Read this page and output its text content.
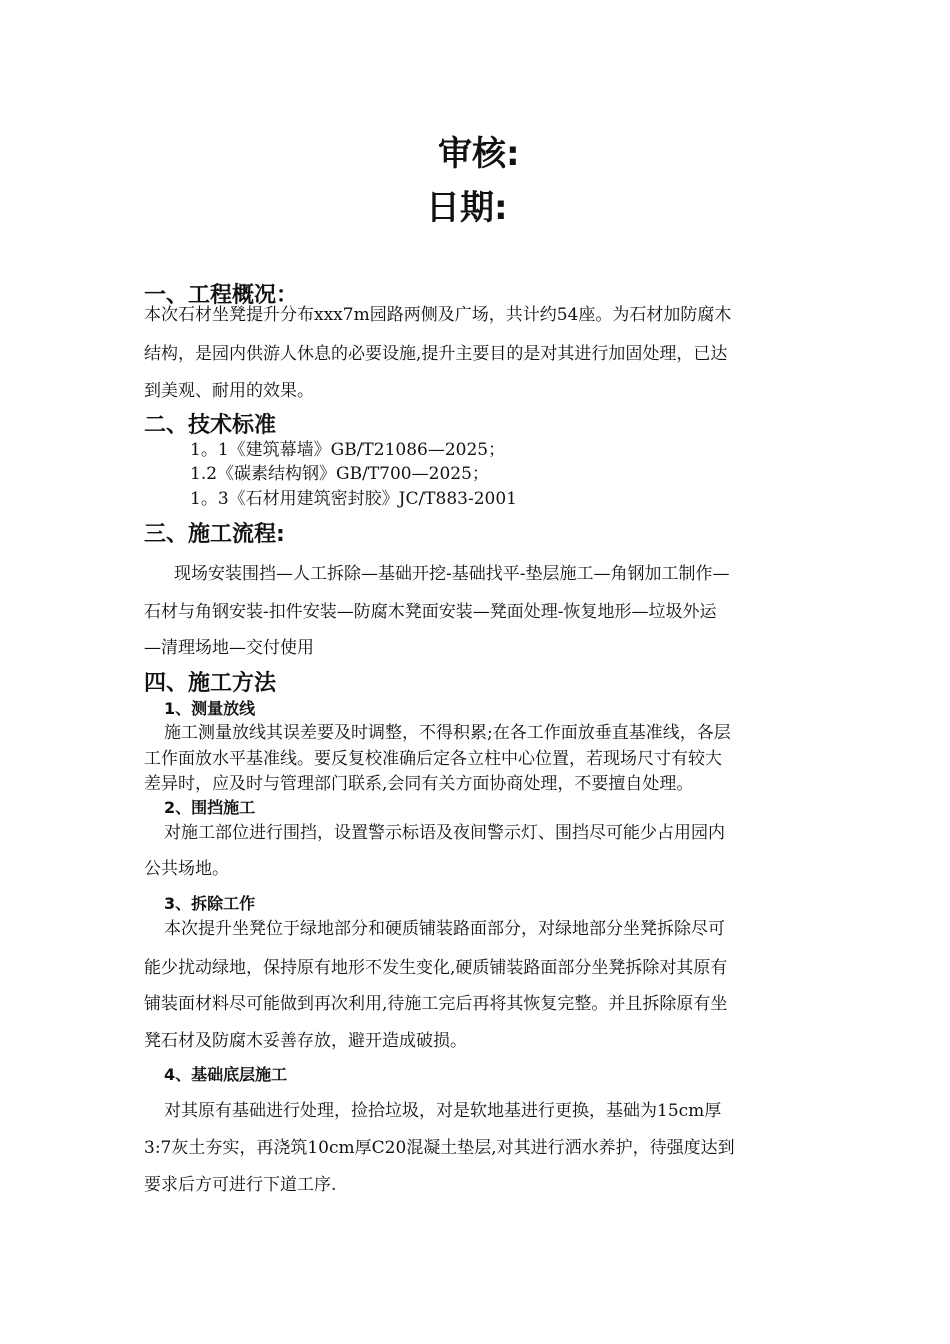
审核:
日期:
一、工程概况：
本次石材坐凳提升分布xxx7m园路两侧及广场，共计约54座。为石材加防腐木
结构，是园内供游人休息的必要设施,提升主要目的是对其进行加固处理，已达
到美观、耐用的效果。
二、技术标准
1。1《建筑幕墙》GB/T21086—2025；
1.2《碳素结构钢》GB/T700—2025；
1。3《石材用建筑密封胶》JC/T883-2001
三、施工流程:
现场安装围挡—人工拆除—基础开挖-基础找平-垫层施工—角钢加工制作—
石材与角钢安装-扣件安装—防腐木凳面安装—凳面处理-恢复地形—垃圾外运
—清理场地—交付使用
四、施工方法
1、测量放线
施工测量放线其误差要及时调整，不得积累;在各工作面放垂直基准线，各层
工作面放水平基准线。要反复校准确后定各立柱中心位置，若现场尺寸有较大
差异时，应及时与管理部门联系,会同有关方面协商处理，不要擅自处理。
2、围挡施工
对施工部位进行围挡，设置警示标语及夜间警示灯、围挡尽可能少占用园内
公共场地。
3、拆除工作
本次提升坐凳位于绿地部分和硬质铺装路面部分，对绿地部分坐凳拆除尽可
能少扰动绿地，保持原有地形不发生变化,硬质铺装路面部分坐凳拆除对其原有
铺装面材料尽可能做到再次利用,待施工完后再将其恢复完整。并且拆除原有坐
凳石材及防腐木妥善存放，避开造成破损。
4、基础底层施工
对其原有基础进行处理，捡拾垃圾，对是软地基进行更换，基础为15cm厚
3:7灰土夯实，再浇筑10cm厚C20混凝土垫层,对其进行洒水养护，待强度达到
要求后方可进行下道工序.
